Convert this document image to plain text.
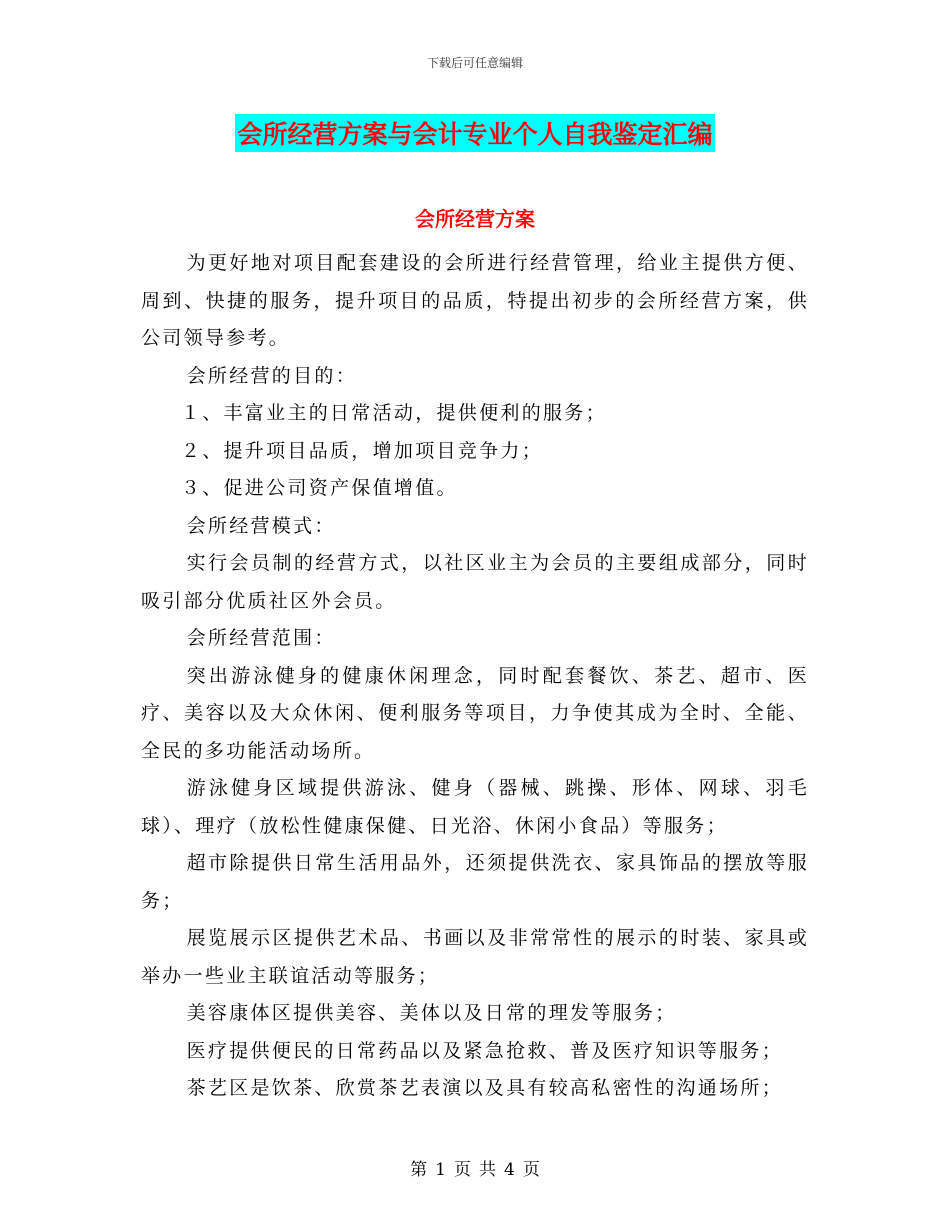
下载后可任意编辑
会所经营方案与会计专业个人自我鉴定汇编
会所经营方案

为更好地对项目配套建设的会所进行经营管理，给业主提供方便、周到、快捷的服务，提升项目的品质，特提出初步的会所经营方案，供公司领导参考。

会所经营的目的：

１、丰富业主的日常活动，提供便利的服务；

２、提升项目品质，增加项目竞争力；

３、促进公司资产保值增值。

会所经营模式：

实行会员制的经营方式，以社区业主为会员的主要组成部分，同时吸引部分优质社区外会员。

会所经营范围：

突出游泳健身的健康休闲理念，同时配套餐饮、茶艺、超市、医疗、美容以及大众休闲、便利服务等项目，力争使其成为全时、全能、全民的多功能活动场所。

游泳健身区域提供游泳、健身（器械、跳操、形体、网球、羽毛球）、理疗（放松性健康保健、日光浴、休闲小食品）等服务；

超市除提供日常生活用品外，还须提供洗衣、家具饰品的摆放等服务；

展览展示区提供艺术品、书画以及非常常性的展示的时装、家具或举办一些业主联谊活动等服务；

美容康体区提供美容、美体以及日常的理发等服务；

医疗提供便民的日常药品以及紧急抢救、普及医疗知识等服务；

茶艺区是饮茶、欣赏茶艺表演以及具有较高私密性的沟通场所；

第 1 页 共 4 页
